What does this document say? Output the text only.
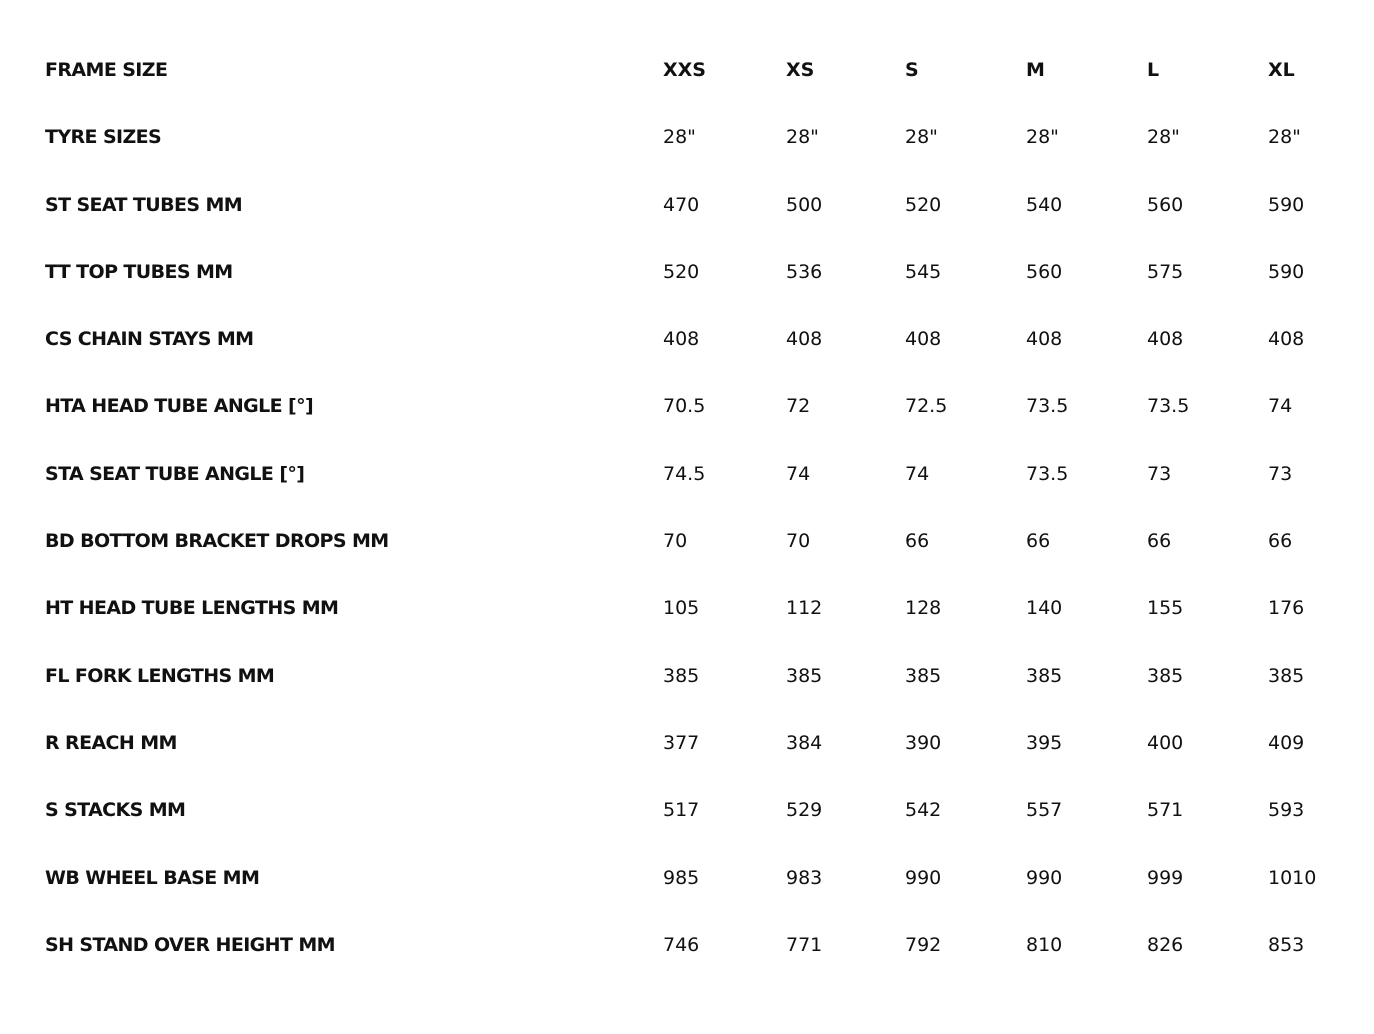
FRAME SIZE	XXS	XS	S	M	L	XL
TYRE SIZES	28"	28"	28"	28"	28"	28"
ST SEAT TUBES MM	470	500	520	540	560	590
TT TOP TUBES MM	520	536	545	560	575	590
CS CHAIN STAYS MM	408	408	408	408	408	408
HTA HEAD TUBE ANGLE [°]	70.5	72	72.5	73.5	73.5	74
STA SEAT TUBE ANGLE [°]	74.5	74	74	73.5	73	73
BD BOTTOM BRACKET DROPS MM	70	70	66	66	66	66
HT HEAD TUBE LENGTHS MM	105	112	128	140	155	176
FL FORK LENGTHS MM	385	385	385	385	385	385
R REACH MM	377	384	390	395	400	409
S STACKS MM	517	529	542	557	571	593
WB WHEEL BASE MM	985	983	990	990	999	1010
SH STAND OVER HEIGHT MM	746	771	792	810	826	853
